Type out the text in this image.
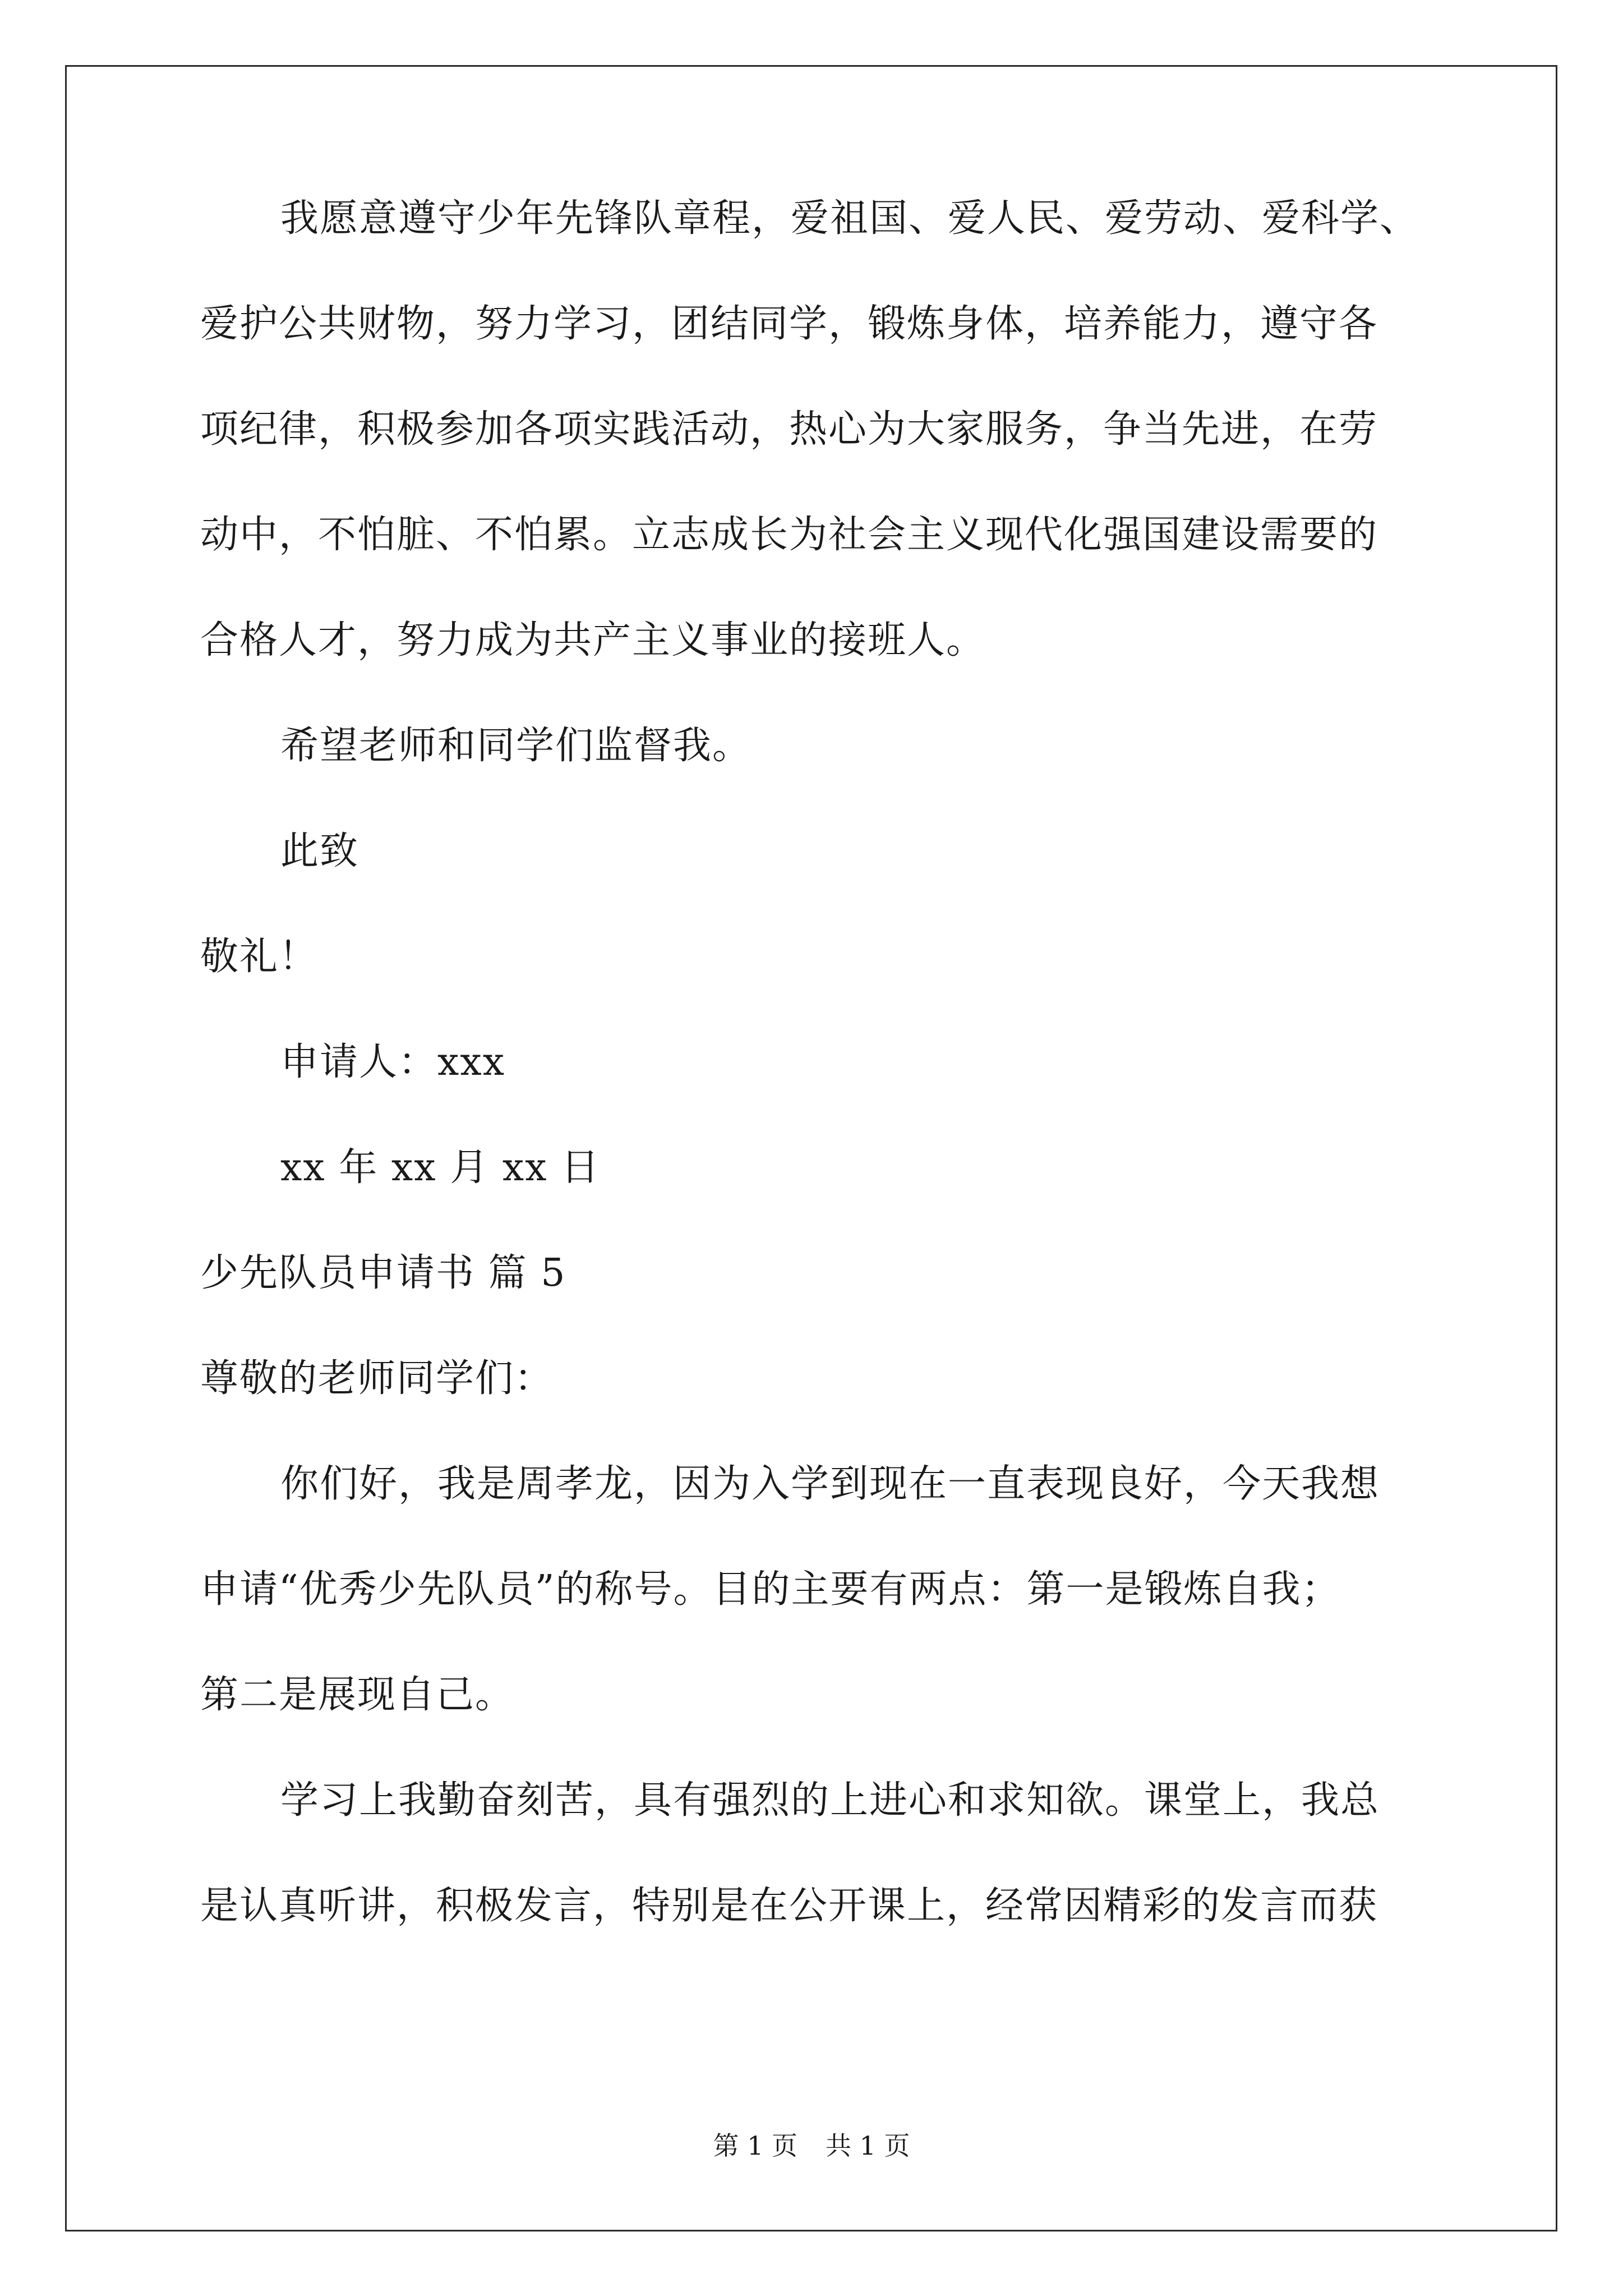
我愿意遵守少年先锋队章程，爱祖国、爱人民、爱劳动、爱科学、
爱护公共财物，努力学习，团结同学，锻炼身体，培养能力，遵守各
项纪律，积极参加各项实践活动，热心为大家服务，争当先进，在劳
动中，不怕脏、不怕累。立志成长为社会主义现代化强国建设需要的
合格人才，努力成为共产主义事业的接班人。
希望老师和同学们监督我。
此致
敬礼！
申请人：xxx
xx 年 xx 月 xx 日
少先队员申请书 篇 5
尊敬的老师同学们：
你们好，我是周孝龙，因为入学到现在一直表现良好，今天我想
申请“优秀少先队员”的称号。目的主要有两点：第一是锻炼自我；
第二是展现自己。
学习上我勤奋刻苦，具有强烈的上进心和求知欲。课堂上，我总
是认真听讲，积极发言，特别是在公开课上，经常因精彩的发言而获
第 1 页 共 1 页
